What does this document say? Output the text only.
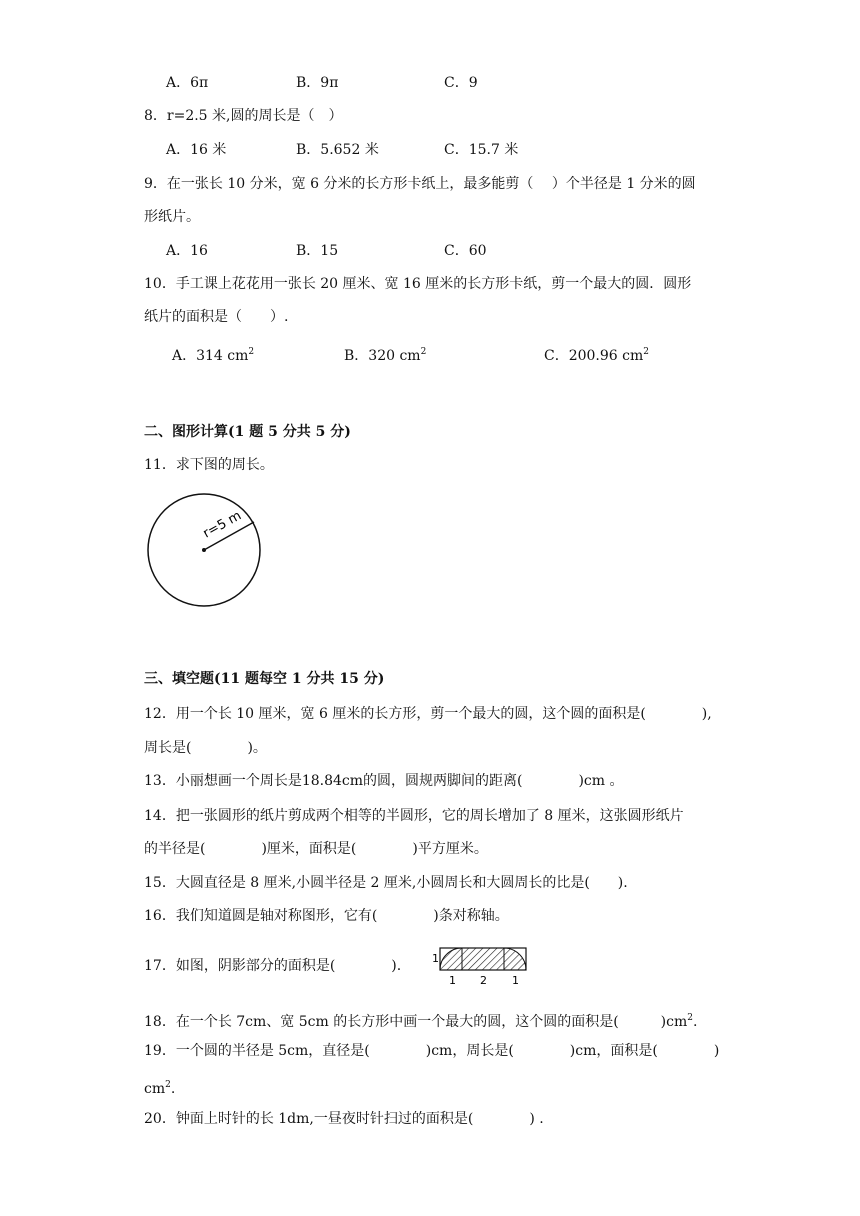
A．6π	B．9π	C．9
8．r=2.5 米,圆的周长是（　）
A．16 米	B．5.652 米	C．15.7 米
9．在一张长 10 分米，宽 6 分米的长方形卡纸上，最多能剪（　 ）个半径是 1 分米的圆
形纸片。
A．16	B．15	C．60
10．手工课上花花用一张长 20 厘米、宽 16 厘米的长方形卡纸，剪一个最大的圆．圆形
纸片的面积是（　　）.
A．314 $cm^2$	B．320 $cm^2$	C．200.96 $cm^2$
二、图形计算(1 题 5 分共 5 分)
11．求下图的周长。
r=5 m
三、填空题(11 题每空 1 分共 15 分)
12．用一个长 10 厘米，宽 6 厘米的长方形，剪一个最大的圆，这个圆的面积是(　　　　),
周长是(　　　　)。
13．小丽想画一个周长是18.84cm的圆，圆规两脚间的距离(　　　　)cm 。
14．把一张圆形的纸片剪成两个相等的半圆形，它的周长增加了 8 厘米，这张圆形纸片
的半径是(　　　　)厘米，面积是(　　　　)平方厘米。
15．大圆直径是 8 厘米,小圆半径是 2 厘米,小圆周长和大圆周长的比是(　　).
16．我们知道圆是轴对称图形，它有(　　　　)条对称轴。
17．如图，阴影部分的面积是(　　　　).	1
1 2 1
18．在一个长 7cm、宽 5cm 的长方形中画一个最大的圆，这个圆的面积是(　　　)$cm^2$.
19．一个圆的半径是 5cm，直径是(　　　　)cm，周长是(　　　　)cm，面积是(　　　　)
$cm^2$.
20．钟面上时针的长 1dm,一昼夜时针扫过的面积是(　　　　) .
